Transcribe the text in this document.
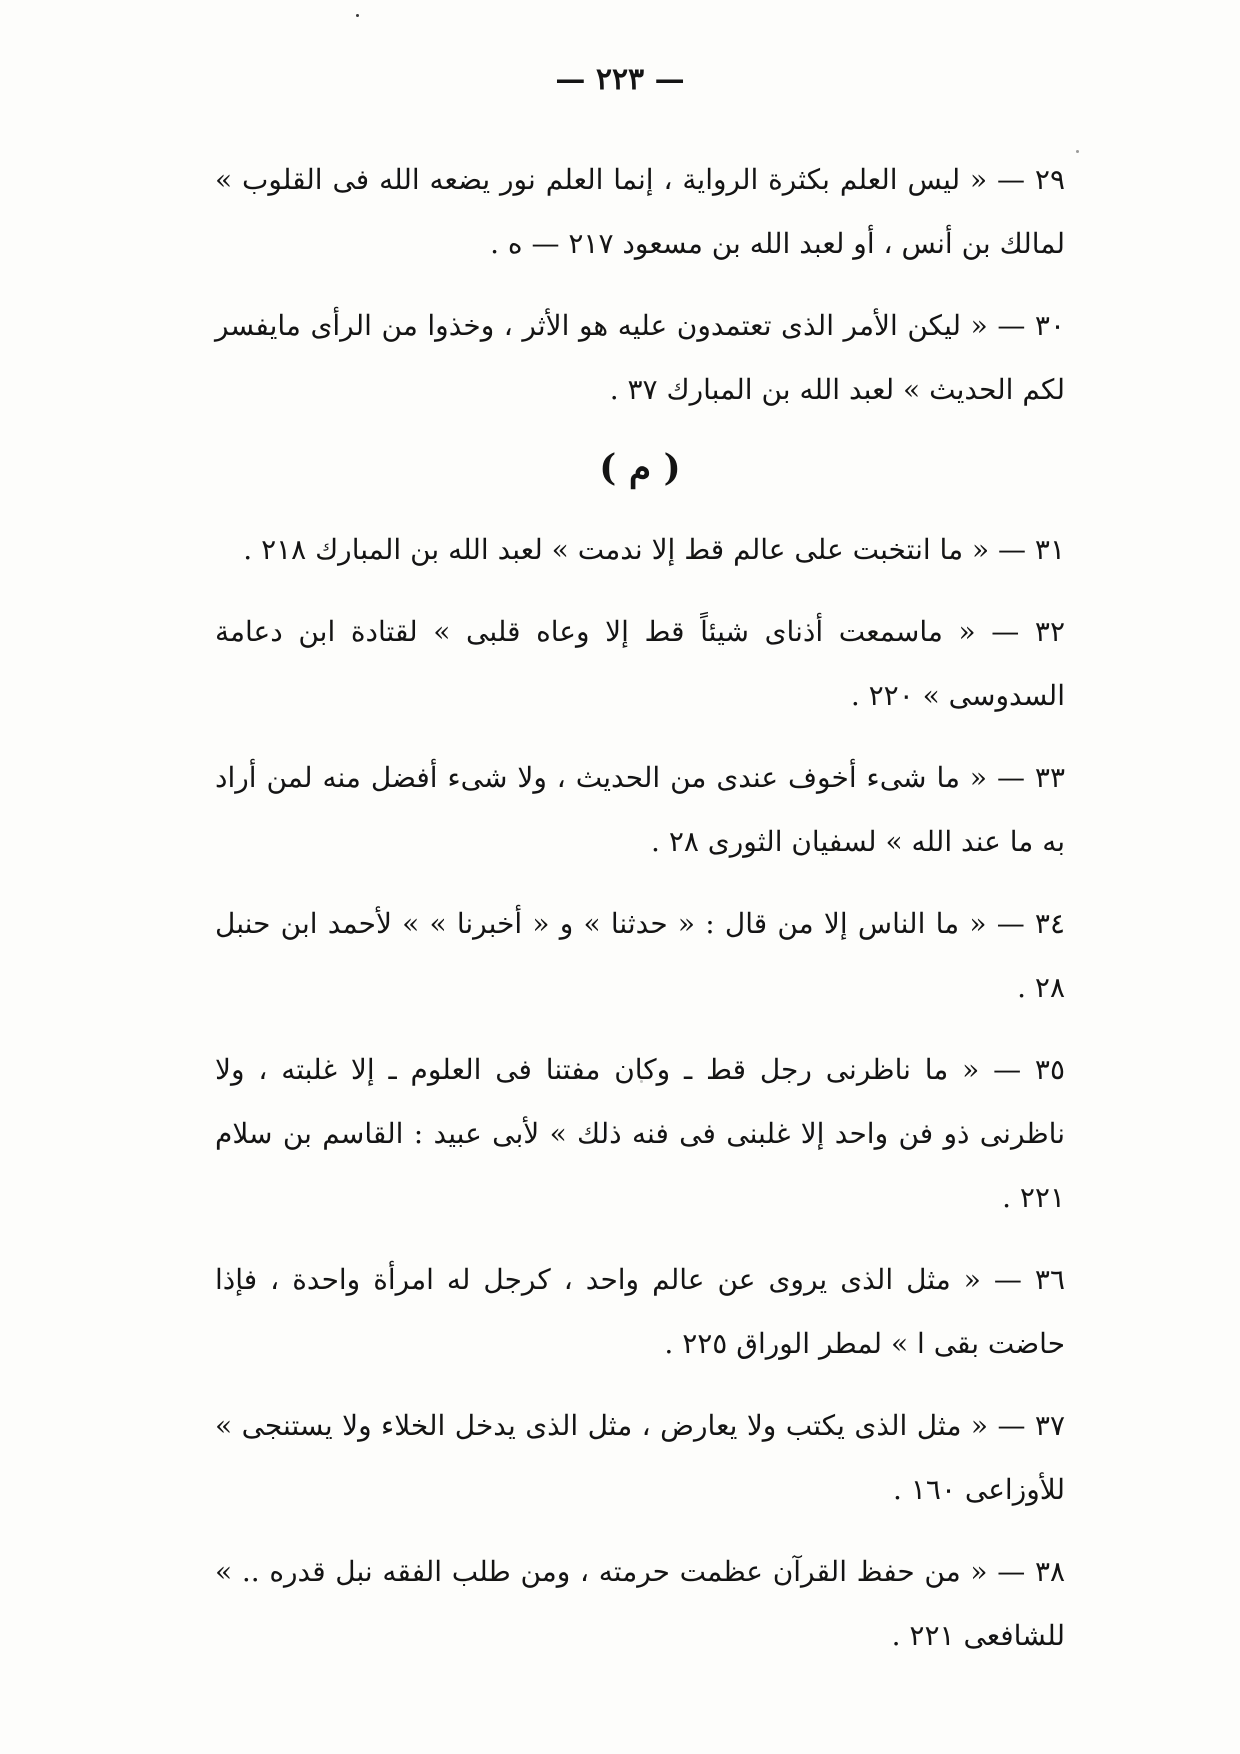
— ٢٢٣ —

٢٩ — « ليس العلم بكثرة الرواية ، إنما العلم نور يضعه الله فى القلوب » لمالك بن أنس ، أو لعبد الله بن مسعود ٢١٧ — ه .

٣٠ — « ليكن الأمر الذى تعتمدون عليه هو الأثر ، وخذوا من الرأى مايفسر لكم الحديث » لعبد الله بن المبارك ٣٧ .

( م )

٣١ — « ما انتخبت على عالم قط إلا ندمت » لعبد الله بن المبارك ٢١٨ .

٣٢ — « ماسمعت أذناى شيئاً قط إلا وعاه قلبى » لقتادة ابن دعامة السدوسى » ٢٢٠ .

٣٣ — « ما شىء أخوف عندى من الحديث ، ولا شىء أفضل منه لمن أراد به ما عند الله » لسفيان الثورى ٢٨ .

٣٤ — « ما الناس إلا من قال : « حدثنا » و « أخبرنا » » لأحمد ابن حنبل ٢٨ .

٣٥ — « ما ناظرنى رجل قط ـ وكان مفتنا فى العلوم ـ إلا غلبته ، ولا ناظرنى ذو فن واحد إلا غلبنى فى فنه ذلك » لأبى عبيد : القاسم بن سلام ٢٢١ .

٣٦ — « مثل الذى يروى عن عالم واحد ، كرجل له امرأة واحدة ، فإذا حاضت بقى ا » لمطر الوراق ٢٢٥ .

٣٧ — « مثل الذى يكتب ولا يعارض ، مثل الذى يدخل الخلاء ولا يستنجى » للأوزاعى ١٦٠ .

٣٨ — « من حفظ القرآن عظمت حرمته ، ومن طلب الفقه نبل قدره .. » للشافعى ٢٢١ .
